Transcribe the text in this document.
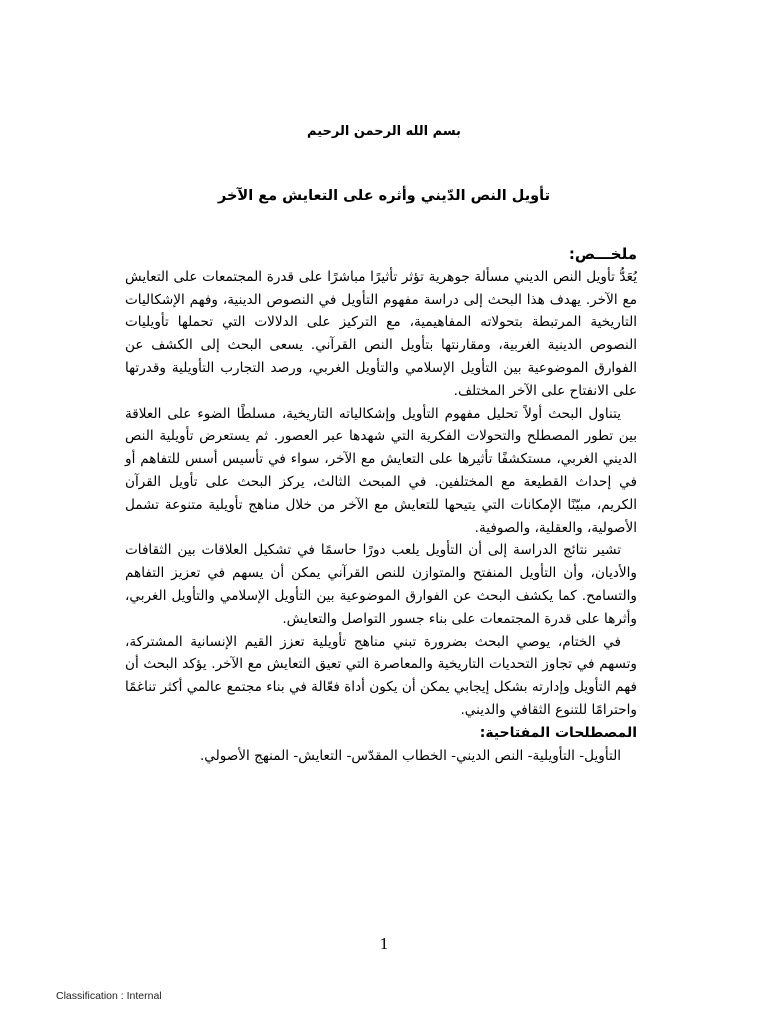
بسم الله الرحمن الرحيم
تأويل النص الدّيني وأثره على التعايش مع الآخر
ملخـــص:

يُعَدُّ تأويل النص الديني مسألة جوهرية تؤثر تأثيرًا مباشرًا على قدرة المجتمعات على التعايش مع الآخر. يهدف هذا البحث إلى دراسة مفهوم التأويل في النصوص الدينية، وفهم الإشكاليات التاريخية المرتبطة بتحولاته المفاهيمية، مع التركيز على الدلالات التي تحملها تأويليات النصوص الدينية الغربية، ومقارنتها بتأويل النص القرآني. يسعى البحث إلى الكشف عن الفوارق الموضوعية بين التأويل الإسلامي والتأويل الغربي، ورصد التجارب التأويلية وقدرتها على الانفتاح على الآخر المختلف.

يتناول البحث أولاً تحليل مفهوم التأويل وإشكالياته التاريخية، مسلطًا الضوء على العلاقة بين تطور المصطلح والتحولات الفكرية التي شهدها عبر العصور. ثم يستعرض تأويلية النص الديني الغربي، مستكشفًا تأثيرها على التعايش مع الآخر، سواء في تأسيس أسس للتفاهم أو في إحداث القطيعة مع المختلفين. في المبحث الثالث، يركز البحث على تأويل القرآن الكريم، مبيّنًا الإمكانات التي يتيحها للتعايش مع الآخر من خلال مناهج تأويلية متنوعة تشمل الأصولية، والعقلية، والصوفية.

تشير نتائج الدراسة إلى أن التأويل يلعب دورًا حاسمًا في تشكيل العلاقات بين الثقافات والأديان، وأن التأويل المنفتح والمتوازن للنص القرآني يمكن أن يسهم في تعزيز التفاهم والتسامح. كما يكشف البحث عن الفوارق الموضوعية بين التأويل الإسلامي والتأويل الغربي، وأثرها على قدرة المجتمعات على بناء جسور التواصل والتعايش.

في الختام، يوصي البحث بضرورة تبني مناهج تأويلية تعزز القيم الإنسانية المشتركة، وتسهم في تجاوز التحديات التاريخية والمعاصرة التي تعيق التعايش مع الآخر. يؤكد البحث أن فهم التأويل وإدارته بشكل إيجابي يمكن أن يكون أداة فعّالة في بناء مجتمع عالمي أكثر تناغمًا واحترامًا للتنوع الثقافي والديني.

المصطلحات المفتاحية:

التأويل- التأويلية- النص الديني- الخطاب المقدّس- التعايش- المنهج الأصولي.

1
Classification : Internal
